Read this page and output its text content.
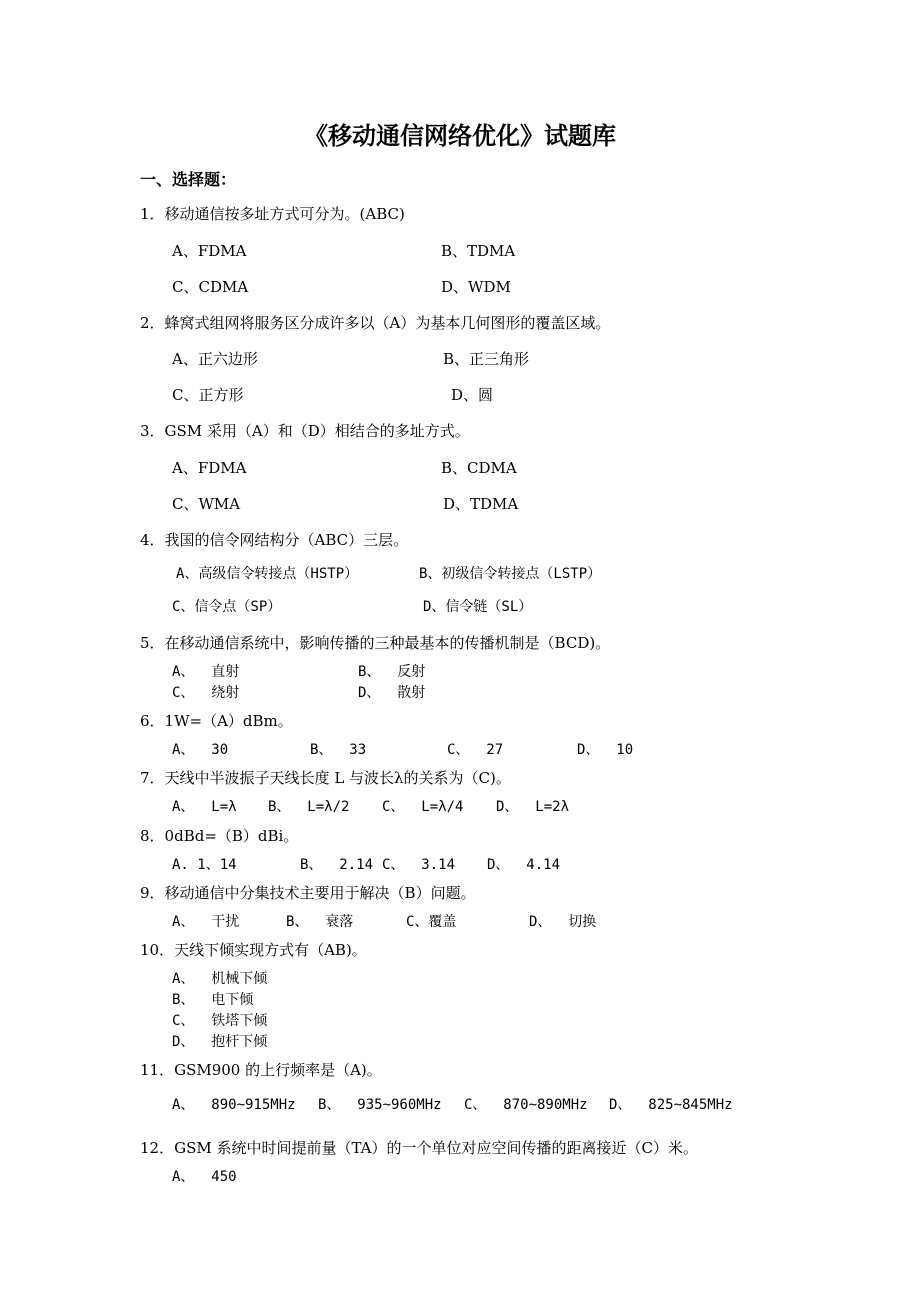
《移动通信网络优化》试题库
一、选择题：
1．移动通信按多址方式可分为。(ABC)
A、FDMA	B、TDMA
C、CDMA	D、WDM
2．蜂窝式组网将服务区分成许多以（A）为基本几何图形的覆盖区域。
A、正六边形	B、正三角形
C、正方形	D、圆
3．GSM 采用（A）和（D）相结合的多址方式。
A、FDMA	B、CDMA
C、WMA	D、TDMA
4．我国的信令网结构分（ABC）三层。
A、高级信令转接点（HSTP）	B、初级信令转接点（LSTP）
C、信令点（SP）	D、信令链（SL）
5．在移动通信系统中，影响传播的三种最基本的传播机制是（BCD)。
A、  直射	B、  反射
C、  绕射	D、  散射
6．1W=（A）dBm。
A、  30	B、  33	C、  27	D、  10
7．天线中半波振子天线长度 L 与波长λ的关系为（C)。
A、  L=λ B、  L=λ/2 C、  L=λ/4 D、  L=2λ
8．0dBd=（B）dBi。
A. 1、14	B、  2.14 C、  3.14 D、  4.14
9．移动通信中分集技术主要用于解决（B）问题。
A、  干扰	B、  衰落	C、覆盖	D、  切换
10．天线下倾实现方式有（AB)。
A、  机械下倾
B、  电下倾
C、  铁塔下倾
D、  抱杆下倾
11．GSM900 的上行频率是（A)。
A、  890~915MHz B、  935~960MHz C、  870~890MHz D、  825~845MHz
12．GSM 系统中时间提前量（TA）的一个单位对应空间传播的距离接近（C）米。
A、  450
